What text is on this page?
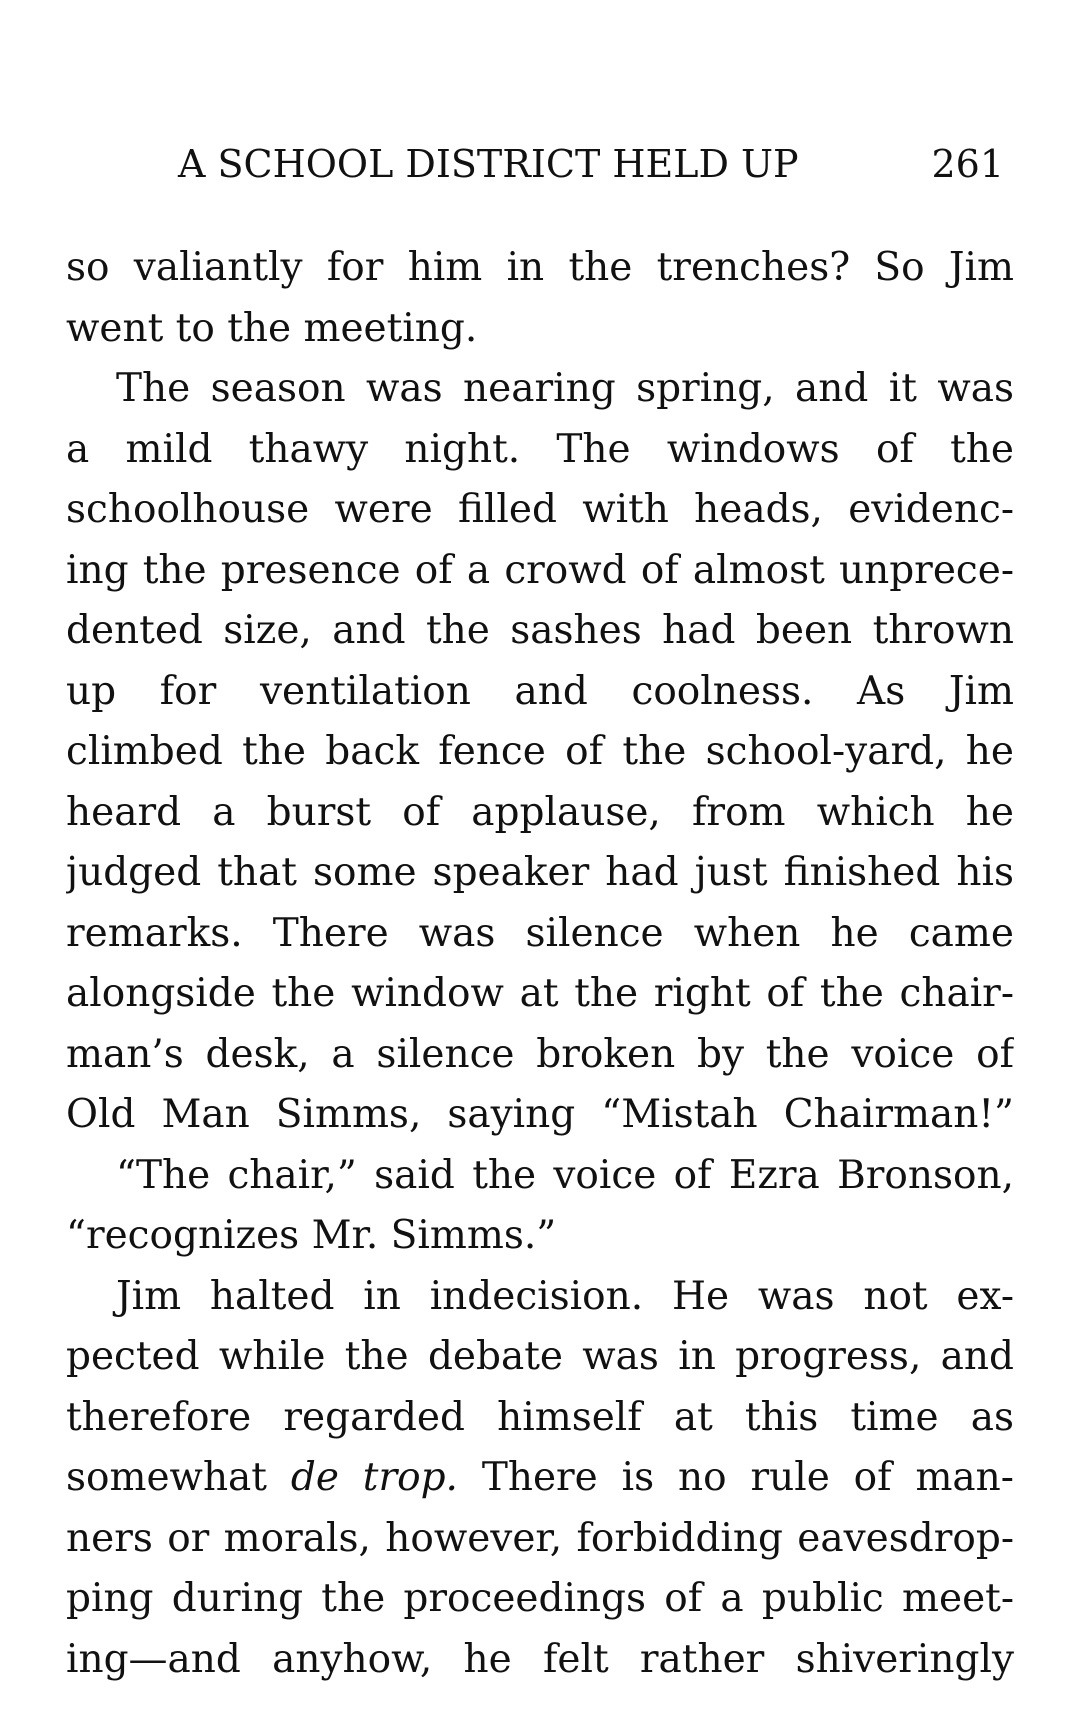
A SCHOOL DISTRICT HELD UP	261
so valiantly for him in the trenches? So Jim
went to the meeting.
The season was nearing spring, and it was
a mild thawy night. The windows of the
schoolhouse were filled with heads, evidenc-
ing the presence of a crowd of almost unprece-
dented size, and the sashes had been thrown
up for ventilation and coolness. As Jim
climbed the back fence of the school-yard, he
heard a burst of applause, from which he
judged that some speaker had just finished his
remarks. There was silence when he came
alongside the window at the right of the chair-
man’s desk, a silence broken by the voice of
Old Man Simms, saying “Mistah Chairman!”
“The chair,” said the voice of Ezra Bronson,
“recognizes Mr. Simms.”
Jim halted in indecision. He was not ex-
pected while the debate was in progress, and
therefore regarded himself at this time as
somewhat de trop. There is no rule of man-
ners or morals, however, forbidding eavesdrop-
ping during the proceedings of a public meet-
ing—and anyhow, he felt rather shiveringly
